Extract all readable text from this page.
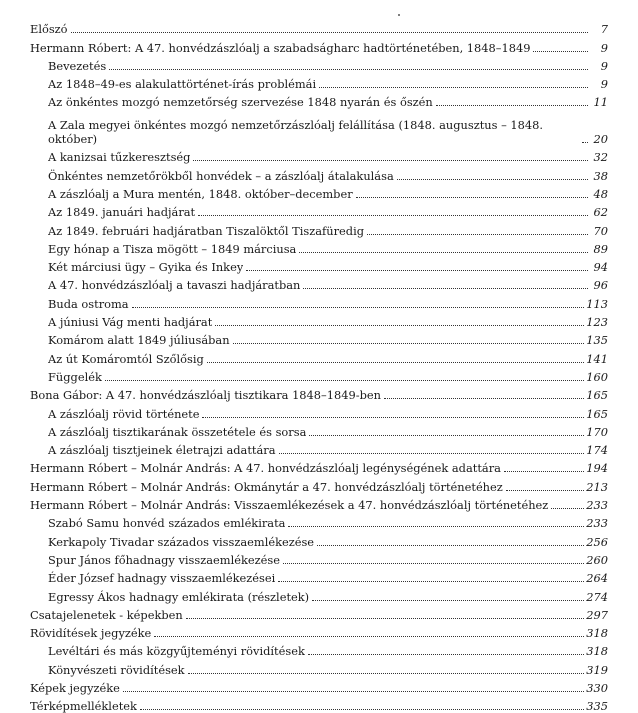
Előszó	7
Hermann Róbert: A 47. honvédzászlóalj a szabadságharc hadtörténetében, 1848–1849	9
Bevezetés	9
Az 1848–49-es alakulattörténet-írás problémái	9
Az önkéntes mozgó nemzetőrség szervezése 1848 nyarán és őszén	11
A Zala megyei önkéntes mozgó nemzetőrzászlóalj felállítása (1848. augusztus – 1848. október)	20
A kanizsai tűzkeresztség	32
Önkéntes nemzetőrökből honvédek – a zászlóalj átalakulása	38
A zászlóalj a Mura mentén, 1848. október–december	48
Az 1849. januári hadjárat	62
Az 1849. februári hadjáratban Tiszalöktől Tiszafüredig	70
Egy hónap a Tisza mögött – 1849 márciusa	89
Két márciusi ügy – Gyika és Inkey	94
A 47. honvédzászlóalj a tavaszi hadjáratban	96
Buda ostroma	113
A júniusi Vág menti hadjárat	123
Komárom alatt 1849 júliusában	135
Az út Komáromtól Szőlősig	141
Függelék	160
Bona Gábor: A 47. honvédzászlóalj tisztikara 1848–1849-ben	165
A zászlóalj rövid története	165
A zászlóalj tisztikarának összetétele és sorsa	170
A zászlóalj tisztjeinek életrajzi adattára	174
Hermann Róbert – Molnár András: A 47. honvédzászlóalj legénységének adattára	194
Hermann Róbert – Molnár András: Okmánytár a 47. honvédzászlóalj történetéhez	213
Hermann Róbert – Molnár András: Visszaemlékezések a 47. honvédzászlóalj történetéhez	233
Szabó Samu honvéd százados emlékirata	233
Kerkapoly Tivadar százados visszaemlékezése	256
Spur János főhadnagy visszaemlékezése	260
Éder József hadnagy visszaemlékezései	264
Egressy Ákos hadnagy emlékirata (részletek)	274
Csatajelenetek - képekben	297
Rövidítések jegyzéke	318
Levéltári és más közgyűjteményi rövidítések	318
Könyvészeti rövidítések	319
Képek jegyzéke	330
Térképmellékletek	335
